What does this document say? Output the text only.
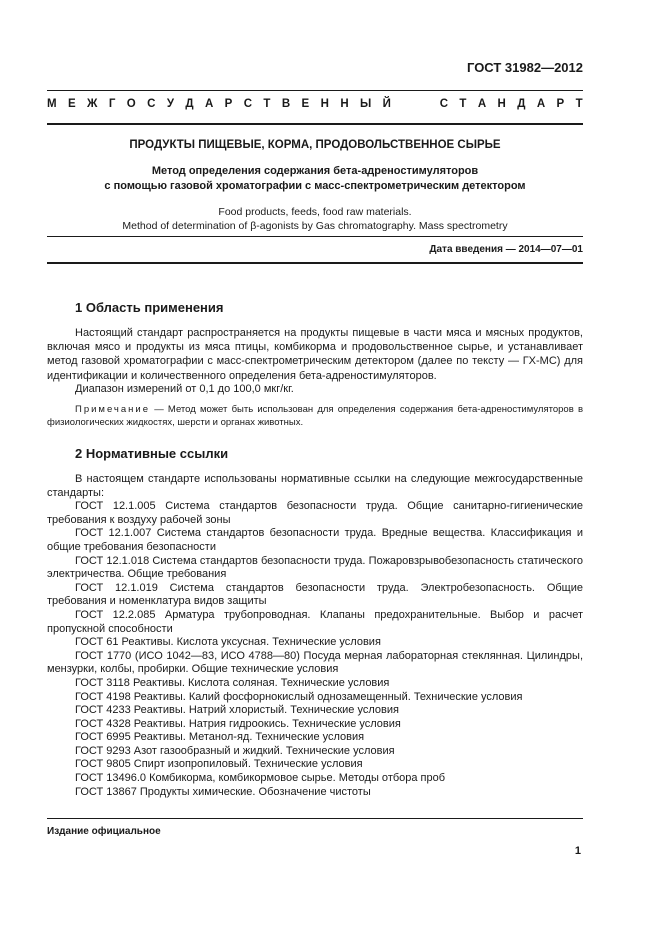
ГОСТ 31982—2012
М Е Ж Г О С У Д А Р С Т В Е Н Н Ы Й	С Т А Н Д А Р Т
ПРОДУКТЫ ПИЩЕВЫЕ, КОРМА, ПРОДОВОЛЬСТВЕННОЕ СЫРЬЕ
Метод определения содержания бета-адреностимуляторов
с помощью газовой хроматографии с масс-спектрометрическим детектором
Food products, feeds, food raw materials.
Method of determination of β-agonists by Gas chromatography. Mass spectrometry
Дата введения — 2014—07—01
1 Область применения
Настоящий стандарт распространяется на продукты пищевые в части мяса и мясных продуктов, включая мясо и продукты из мяса птицы, комбикорма и продовольственное сырье, и устанавливает метод газовой хроматографии с масс-спектрометрическим детектором (далее по тексту — ГХ-МС) для идентификации и количественного определения бета-адреностимуляторов.
Диапазон измерений от 0,1 до 100,0 мкг/кг.
Примечание — Метод может быть использован для определения содержания бета-адреностимуляторов в физиологических жидкостях, шерсти и органах животных.
2 Нормативные ссылки

В настоящем стандарте использованы нормативные ссылки на следующие межгосударственные стандарты:

ГОСТ 12.1.005 Система стандартов безопасности труда. Общие санитарно-гигиенические требования к воздуху рабочей зоны

ГОСТ 12.1.007 Система стандартов безопасности труда. Вредные вещества. Классификация и общие требования безопасности

ГОСТ 12.1.018 Система стандартов безопасности труда. Пожаровзрывобезопасность статического электричества. Общие требования

ГОСТ 12.1.019 Система стандартов безопасности труда. Электробезопасность. Общие требования и номенклатура видов защиты

ГОСТ 12.2.085 Арматура трубопроводная. Клапаны предохранительные. Выбор и расчет пропускной способности

ГОСТ 61 Реактивы. Кислота уксусная. Технические условия

ГОСТ 1770 (ИСО 1042—83, ИСО 4788—80) Посуда мерная лабораторная стеклянная. Цилиндры, мензурки, колбы, пробирки. Общие технические условия

ГОСТ 3118 Реактивы. Кислота соляная. Технические условия

ГОСТ 4198 Реактивы. Калий фосфорнокислый однозамещенный. Технические условия

ГОСТ 4233 Реактивы. Натрий хлористый. Технические условия

ГОСТ 4328 Реактивы. Натрия гидроокись. Технические условия

ГОСТ 6995 Реактивы. Метанол-яд. Технические условия

ГОСТ 9293 Азот газообразный и жидкий. Технические условия

ГОСТ 9805 Спирт изопропиловый. Технические условия

ГОСТ 13496.0 Комбикорма, комбикормовое сырье. Методы отбора проб

ГОСТ 13867 Продукты химические. Обозначение чистоты

Издание официальное
1
